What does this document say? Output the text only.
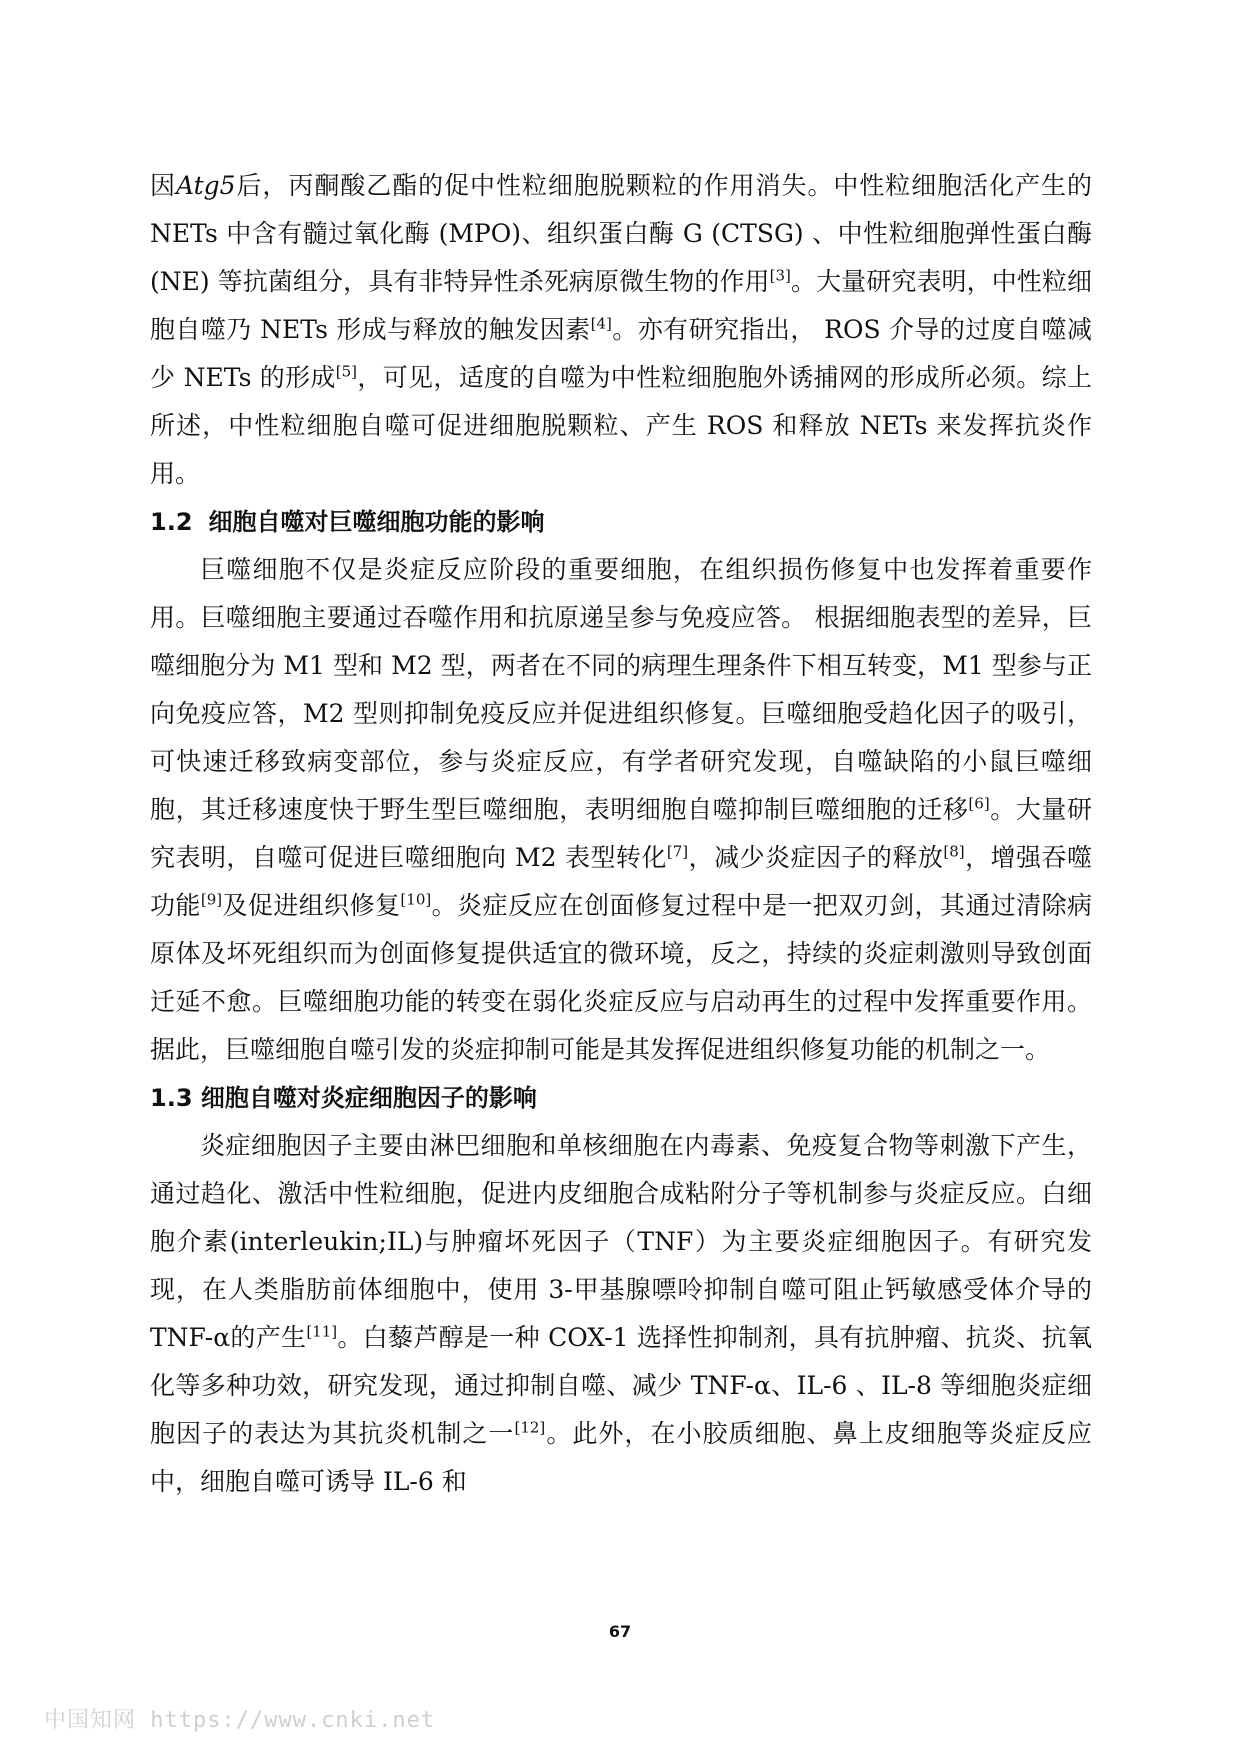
因Atg5后，丙酮酸乙酯的促中性粒细胞脱颗粒的作用消失。中性粒细胞活化产生的 NETs 中含有髓过氧化酶 (MPO)、组织蛋白酶 G (CTSG) 、中性粒细胞弹性蛋白酶 (NE) 等抗菌组分，具有非特异性杀死病原微生物的作用[3]。大量研究表明，中性粒细胞自噬乃 NETs 形成与释放的触发因素[4]。亦有研究指出， ROS 介导的过度自噬减少 NETs 的形成[5]，可见，适度的自噬为中性粒细胞胞外诱捕网的形成所必须。综上所述，中性粒细胞自噬可促进细胞脱颗粒、产生 ROS 和释放 NETs 来发挥抗炎作用。

1.2 细胞自噬对巨噬细胞功能的影响

巨噬细胞不仅是炎症反应阶段的重要细胞，在组织损伤修复中也发挥着重要作用。巨噬细胞主要通过吞噬作用和抗原递呈参与免疫应答。 根据细胞表型的差异，巨噬细胞分为 M1 型和 M2 型，两者在不同的病理生理条件下相互转变，M1 型参与正向免疫应答，M2 型则抑制免疫反应并促进组织修复。巨噬细胞受趋化因子的吸引，可快速迁移致病变部位，参与炎症反应，有学者研究发现，自噬缺陷的小鼠巨噬细胞，其迁移速度快于野生型巨噬细胞，表明细胞自噬抑制巨噬细胞的迁移[6]。大量研究表明，自噬可促进巨噬细胞向 M2 表型转化[7]，减少炎症因子的释放[8]，增强吞噬功能[9]及促进组织修复[10]。炎症反应在创面修复过程中是一把双刃剑，其通过清除病原体及坏死组织而为创面修复提供适宜的微环境，反之，持续的炎症刺激则导致创面迁延不愈。巨噬细胞功能的转变在弱化炎症反应与启动再生的过程中发挥重要作用。据此，巨噬细胞自噬引发的炎症抑制可能是其发挥促进组织修复功能的机制之一。

1.3 细胞自噬对炎症细胞因子的影响

炎症细胞因子主要由淋巴细胞和单核细胞在内毒素、免疫复合物等刺激下产生，通过趋化、激活中性粒细胞，促进内皮细胞合成粘附分子等机制参与炎症反应。白细胞介素(interleukin;IL)与肿瘤坏死因子（TNF）为主要炎症细胞因子。有研究发现，在人类脂肪前体细胞中，使用 3-甲基腺嘌呤抑制自噬可阻止钙敏感受体介导的 TNF-α的产生[11]。白藜芦醇是一种 COX-1 选择性抑制剂，具有抗肿瘤、抗炎、抗氧化等多种功效，研究发现，通过抑制自噬、减少 TNF-α、IL-6 、IL-8 等细胞炎症细胞因子的表达为其抗炎机制之一[12]。此外，在小胶质细胞、鼻上皮细胞等炎症反应中，细胞自噬可诱导 IL-6 和

67
中国知网 https://www.cnki.net
